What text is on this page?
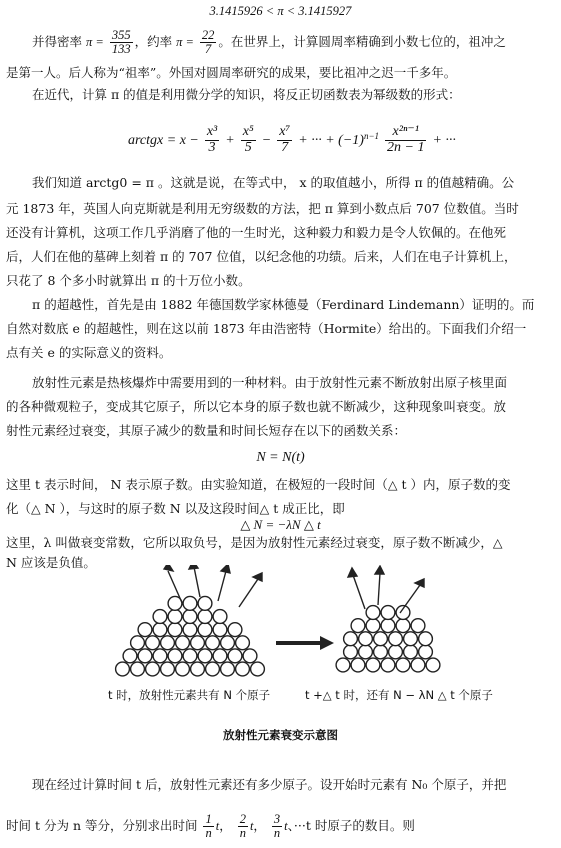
3.1415926 < π < 3.1415927
并得密率 $\pi = \frac{355}{133}$ ，约率 $\pi = \frac{22}{7}$ 。在世界上，计算圆周率精确到小数七位的，祖冲之
是第一人。后人称为“祖率”。外国对圆周率研究的成果，要比祖冲之迟一千多年。
在近代，计算 π 的值是利用微分学的知识，将反正切函数表为幂级数的形式：
arctgx = $x - \frac{\text{x³}}{3} + \frac{\text{x⁵}}{5} - \frac{\text{x⁷}}{7}$ + ··· + $(-1)^{n-1} \frac{\text{x²ⁿ⁻¹}}{2n - 1}$ + ···
我们知道 arctg0 = π 。这就是说，在等式中， x 的取值越小，所得 π 的值越精确。公
元 1873 年，英国人向克斯就是利用无穷级数的方法，把 π 算到小数点后 707 位数值。当时
还没有计算机，这项工作几乎消磨了他的一生时光，这种毅力和毅力是令人钦佩的。在他死
后，人们在他的墓碑上刻着 π 的 707 位值，以纪念他的功绩。后来，人们在电子计算机上，
只花了 8 个多小时就算出 π 的十万位小数。
π 的超越性，首先是由 1882 年德国数学家林德曼（Ferdinard Lindemann）证明的。而
自然对数底 e 的超越性，则在这以前 1873 年由浩密特（Hormite）给出的。下面我们介绍一
点有关 e 的实际意义的资料。
放射性元素是热核爆炸中需要用到的一种材料。由于放射性元素不断放射出原子核里面
的各种微观粒子，变成其它原子，所以它本身的原子数也就不断减少，这种现象叫衰变。放
射性元素经过衰变，其原子减少的数量和时间长短存在以下的函数关系：
N = N(t)
这里 t 表示时间， N 表示原子数。由实验知道，在极短的一段时间（△ t ）内，原子数的变
化（△ N ），与这时的原子数 N 以及这段时间△ t 成正比，即
△ N = −λN △ t
这里，λ 叫做衰变常数，它所以取负号，是因为放射性元素经过衰变，原子数不断减少，△
N 应该是负值。
t 时，放射性元素共有 N 个原子	t +△ t 时，还有 N − λN △ t 个原子
放射性元素衰变示意图
现在经过计算时间 t 后，放射性元素还有多少原子。设开始时元素有 N₀ 个原子，并把
时间 t 分为 n 等分，分别求出时间 $\frac{1}{n}$ t， $\frac{2}{n}$ t， $\frac{3}{n}$ t、···t 时原子的数目。则
